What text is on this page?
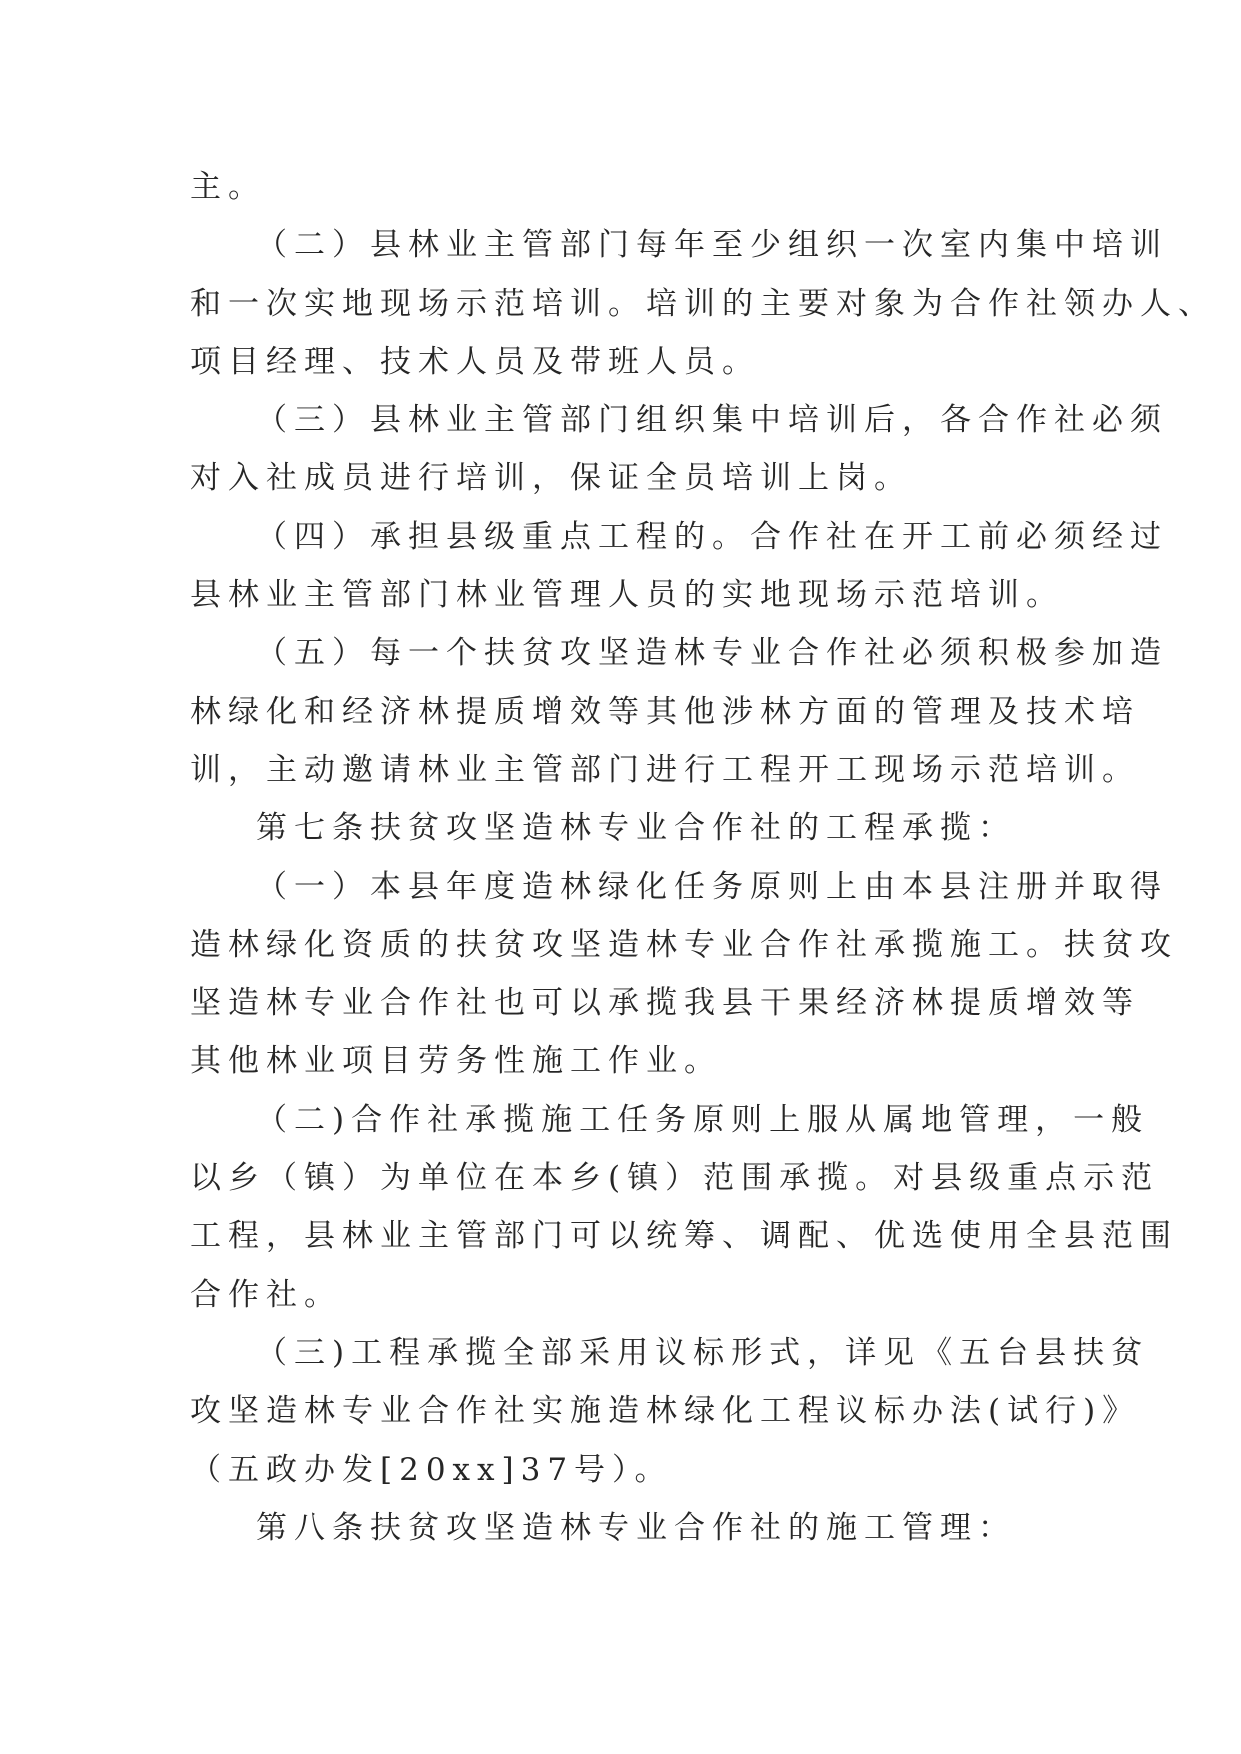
主。
（二）县林业主管部门每年至少组织一次室内集中培训
和一次实地现场示范培训。培训的主要对象为合作社领办人、
项目经理、技术人员及带班人员。
（三）县林业主管部门组织集中培训后，各合作社必须
对入社成员进行培训，保证全员培训上岗。
（四）承担县级重点工程的。合作社在开工前必须经过
县林业主管部门林业管理人员的实地现场示范培训。
（五）每一个扶贫攻坚造林专业合作社必须积极参加造
林绿化和经济林提质增效等其他涉林方面的管理及技术培
训，主动邀请林业主管部门进行工程开工现场示范培训。
第七条扶贫攻坚造林专业合作社的工程承揽：
（一）本县年度造林绿化任务原则上由本县注册并取得
造林绿化资质的扶贫攻坚造林专业合作社承揽施工。扶贫攻
坚造林专业合作社也可以承揽我县干果经济林提质增效等
其他林业项目劳务性施工作业。
（二)合作社承揽施工任务原则上服从属地管理，一般
以乡（镇）为单位在本乡(镇）范围承揽。对县级重点示范
工程，县林业主管部门可以统筹、调配、优选使用全县范围
合作社。
（三)工程承揽全部采用议标形式，详见《五台县扶贫
攻坚造林专业合作社实施造林绿化工程议标办法(试行)》
（五政办发[20xx]37号）。
第八条扶贫攻坚造林专业合作社的施工管理：
